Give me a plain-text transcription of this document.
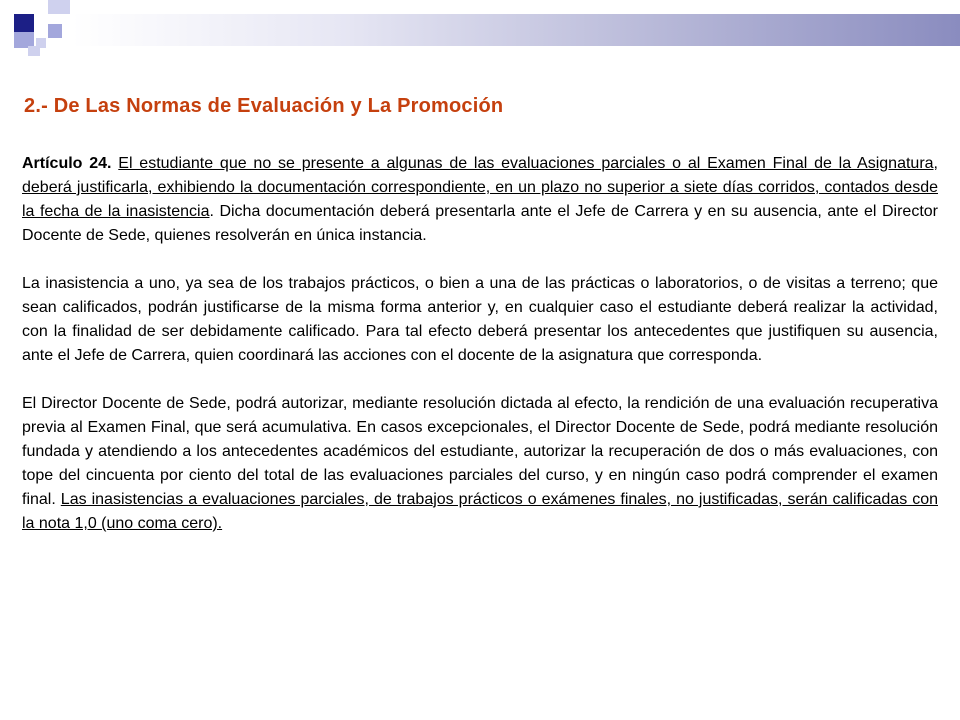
2.- De Las Normas de Evaluación y La Promoción

Artículo 24. El estudiante que no se presente a algunas de las evaluaciones parciales o al Examen Final de la Asignatura, deberá justificarla, exhibiendo la documentación correspondiente, en un plazo no superior a siete días corridos, contados desde la fecha de la inasistencia. Dicha documentación deberá presentarla ante el Jefe de Carrera y en su ausencia, ante el Director Docente de Sede, quienes resolverán en única instancia.

La inasistencia a uno, ya sea de los trabajos prácticos, o bien a una de las prácticas o laboratorios, o de visitas a terreno; que sean calificados, podrán justificarse de la misma forma anterior y, en cualquier caso el estudiante deberá realizar la actividad, con la finalidad de ser debidamente calificado. Para tal efecto deberá presentar los antecedentes que justifiquen su ausencia, ante el Jefe de Carrera, quien coordinará las acciones con el docente de la asignatura que corresponda.

El Director Docente de Sede, podrá autorizar, mediante resolución dictada al efecto, la rendición de una evaluación recuperativa previa al Examen Final, que será acumulativa. En casos excepcionales, el Director Docente de Sede, podrá mediante resolución fundada y atendiendo a los antecedentes académicos del estudiante, autorizar la recuperación de dos o más evaluaciones, con tope del cincuenta por ciento del total de las evaluaciones parciales del curso, y en ningún caso podrá comprender el examen final. Las inasistencias a evaluaciones parciales, de trabajos prácticos o exámenes finales, no justificadas, serán calificadas con la nota 1,0 (uno coma cero).
